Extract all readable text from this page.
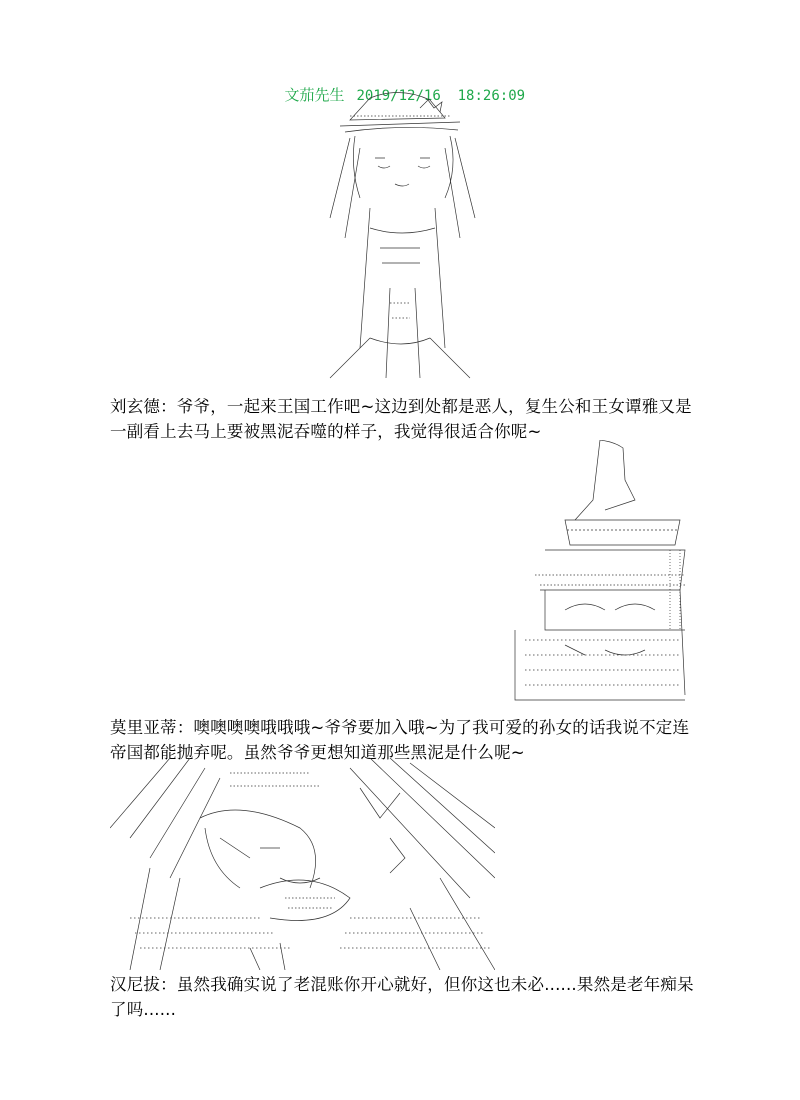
文茄先生 2019/12/16  18:26:09

刘玄德：爷爷，一起来王国工作吧~这边到处都是恶人，复生公和王女谭雅又是一副看上去马上要被黑泥吞噬的样子，我觉得很适合你呢~
莫里亚蒂：噢噢噢噢哦哦哦~爷爷要加入哦~为了我可爱的孙女的话我说不定连帝国都能抛弃呢。虽然爷爷更想知道那些黑泥是什么呢~
汉尼拔：虽然我确实说了老混账你开心就好，但你这也未必......果然是老年痴呆了吗......
